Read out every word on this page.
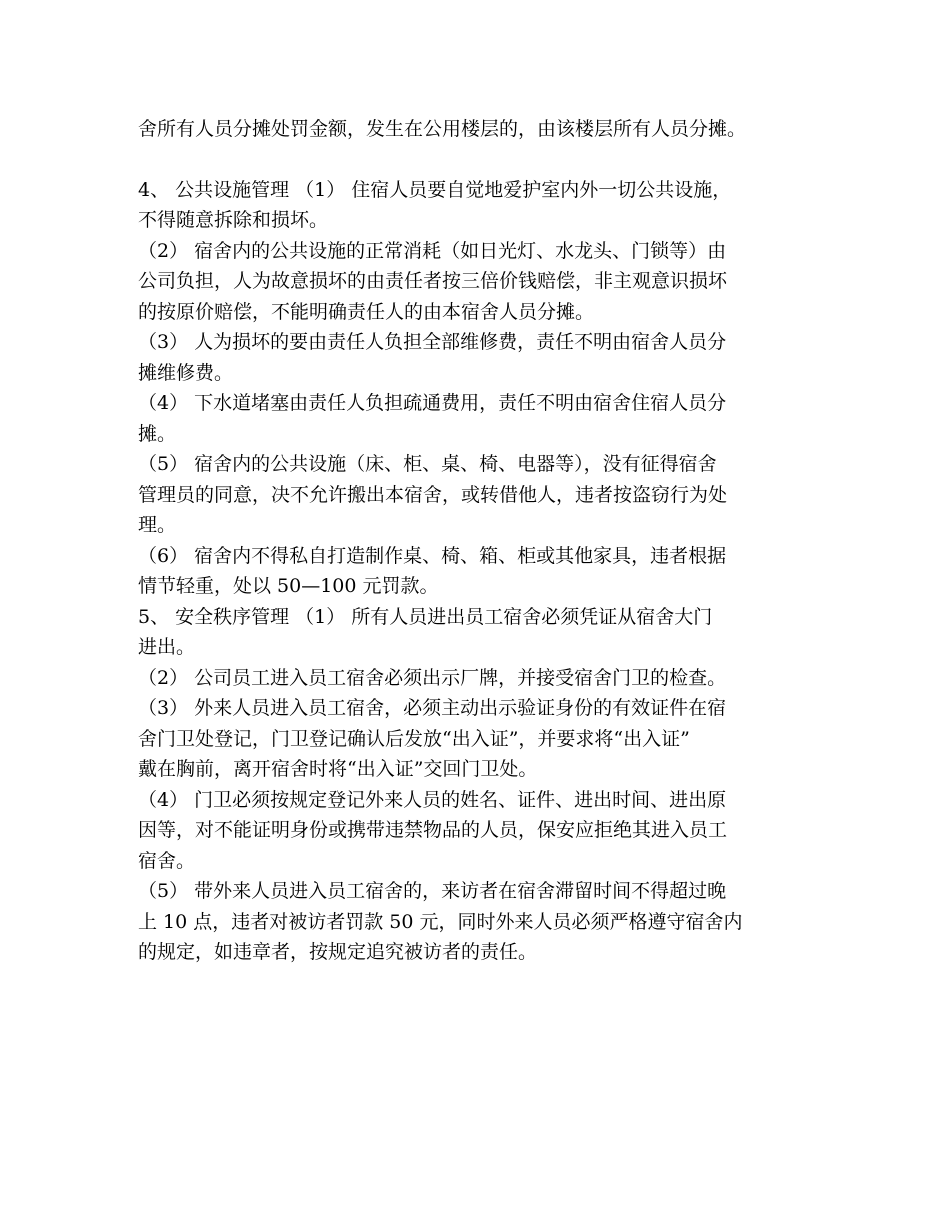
舍所有人员分摊处罚金额，发生在公用楼层的，由该楼层所有人员分摊。
4、 公共设施管理 （1） 住宿人员要自觉地爱护室内外一切公共设施，
不得随意拆除和损坏。
（2） 宿舍内的公共设施的正常消耗（如日光灯、水龙头、门锁等）由
公司负担，人为故意损坏的由责任者按三倍价钱赔偿，非主观意识损坏
的按原价赔偿，不能明确责任人的由本宿舍人员分摊。
（3） 人为损坏的要由责任人负担全部维修费，责任不明由宿舍人员分
摊维修费。
（4） 下水道堵塞由责任人负担疏通费用，责任不明由宿舍住宿人员分
摊。
（5） 宿舍内的公共设施（床、柜、桌、椅、电器等），没有征得宿舍
管理员的同意，决不允许搬出本宿舍，或转借他人，违者按盗窃行为处
理。
（6） 宿舍内不得私自打造制作桌、椅、箱、柜或其他家具，违者根据
情节轻重，处以 50—100 元罚款。
5、 安全秩序管理 （1） 所有人员进出员工宿舍必须凭证从宿舍大门
进出。
（2） 公司员工进入员工宿舍必须出示厂牌，并接受宿舍门卫的检查。
（3） 外来人员进入员工宿舍，必须主动出示验证身份的有效证件在宿
舍门卫处登记，门卫登记确认后发放“出入证”，并要求将“出入证”
戴在胸前，离开宿舍时将“出入证”交回门卫处。
（4） 门卫必须按规定登记外来人员的姓名、证件、进出时间、进出原
因等，对不能证明身份或携带违禁物品的人员，保安应拒绝其进入员工
宿舍。
（5） 带外来人员进入员工宿舍的，来访者在宿舍滞留时间不得超过晚
上 10 点，违者对被访者罚款 50 元，同时外来人员必须严格遵守宿舍内
的规定，如违章者，按规定追究被访者的责任。
